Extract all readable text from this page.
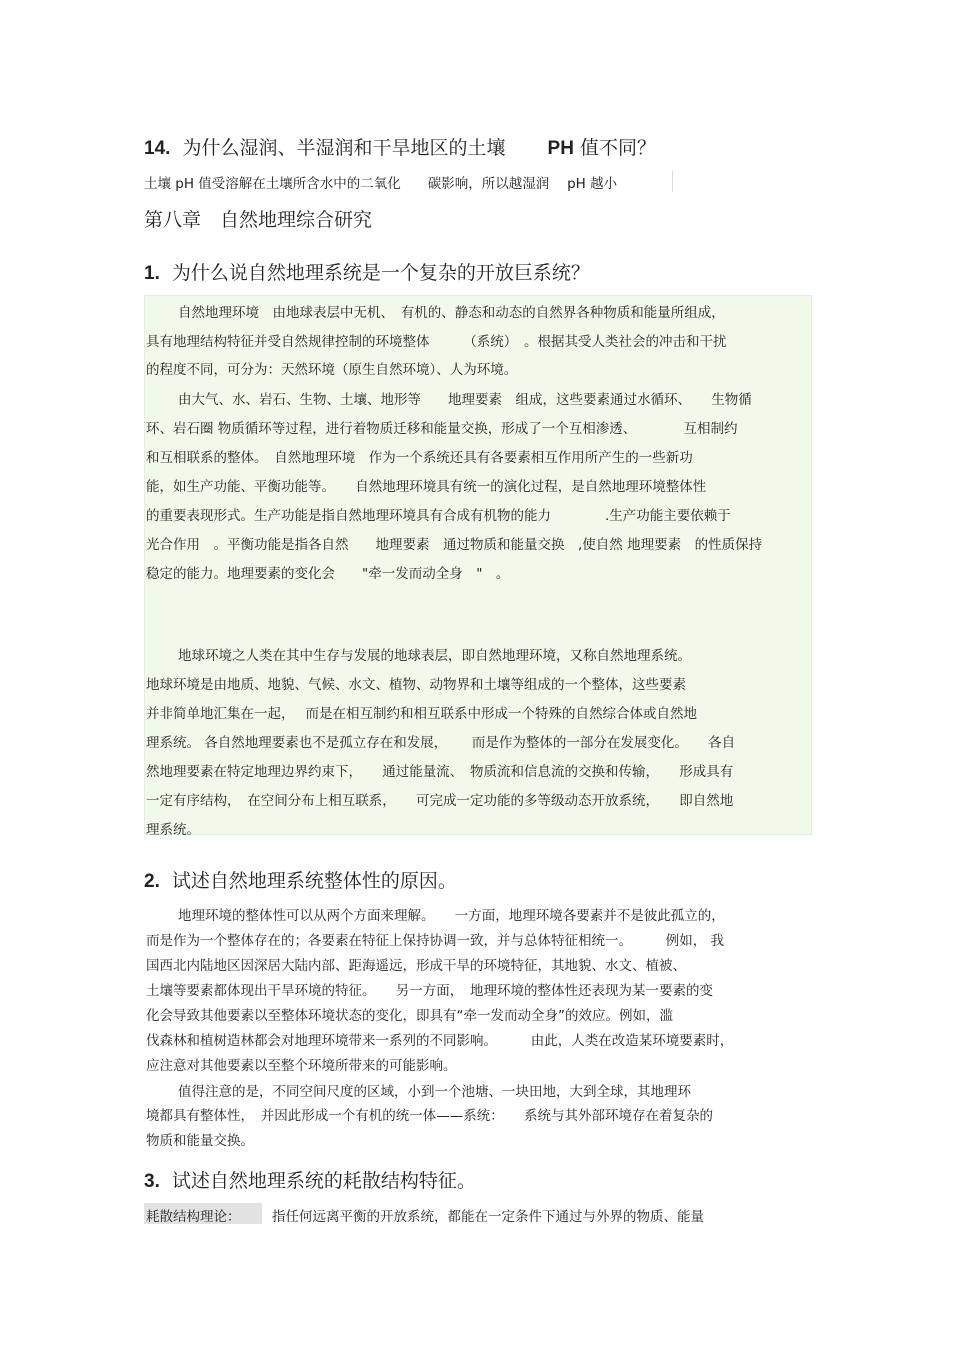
14. 为什么湿润、半湿润和干旱地区的土壤 PH 值不同？
土壤 pH 值受溶解在土壤所含水中的二氧化　　碳影响，所以越湿润　 pH 越小
第八章　自然地理综合研究
1. 为什么说自然地理系统是一个复杂的开放巨系统？
自然地理环境　由地球表层中无机、　有机的、静态和动态的自然界各种物质和能量所组成，
具有地理结构特征并受自然规律控制的环境整体　　　（系统）　。根据其受人类社会的冲击和干扰
的程度不同，可分为：天然环境（原生自然环境）、人为环境。
由大气、水、岩石、生物、土壤、地形等　　地理要素　组成，这些要素通过水循环、　　生物循
环、岩石圈 物质循环等过程，进行着物质迁移和能量交换，形成了一个互相渗透、　　　　互相制约
和互相联系的整体。　自然地理环境　作为一个系统还具有各要素相互作用所产生的一些新功
能，如生产功能、平衡功能等。　　自然地理环境具有统一的演化过程，是自然地理环境整体性
的重要表现形式。生产功能是指自然地理环境具有合成有机物的能力　　　　.生产功能主要依赖于
光合作用　。平衡功能是指各自然　　地理要素　通过物质和能量交换　,使自然 地理要素　的性质保持
稳定的能力。地理要素的变化会　　"牵一发而动全身　"　。
地球环境之人类在其中生存与发展的地球表层，即自然地理环境，又称自然地理系统。
地球环境是由地质、地貌、气候、水文、植物、动物界和土壤等组成的一个整体，这些要素
并非简单地汇集在一起，　 而是在相互制约和相互联系中形成一个特殊的自然综合体或自然地
理系统。 各自然地理要素也不是孤立存在和发展，　　 而是作为整体的一部分在发展变化。　　各自
然地理要素在特定地理边界约束下，　　通过能量流、　物质流和信息流的交换和传输，　　形成具有
一定有序结构，　在空间分布上相互联系，　　可完成一定功能的多等级动态开放系统，　　即自然地
理系统。
2. 试述自然地理系统整体性的原因。
地理环境的整体性可以从两个方面来理解。　　一方面，地理环境各要素并不是彼此孤立的，
而是作为一个整体存在的；各要素在特征上保持协调一致，并与总体特征相统一。　　　例如， 我
国西北内陆地区因深居大陆内部、距海遥远，形成干旱的环境特征，其地貌、水文、植被、
土壤等要素都体现出干旱环境的特征。　　另一方面，　地理环境的整体性还表现为某一要素的变
化会导致其他要素以至整体环境状态的变化，即具有“牵一发而动全身”的效应。例如，滥
伐森林和植树造林都会对地理环境带来一系列的不同影响。　　　由此，人类在改造某环境要素时，
应注意对其他要素以至整个环境所带来的可能影响。
值得注意的是，不同空间尺度的区域，小到一个池塘、一块田地，大到全球，其地理环
境都具有整体性，　并因此形成一个有机的统一体——系统：　　系统与其外部环境存在着复杂的
物质和能量交换。
3. 试述自然地理系统的耗散结构特征。
耗散结构理论： 指任何远离平衡的开放系统，都能在一定条件下通过与外界的物质、能量
